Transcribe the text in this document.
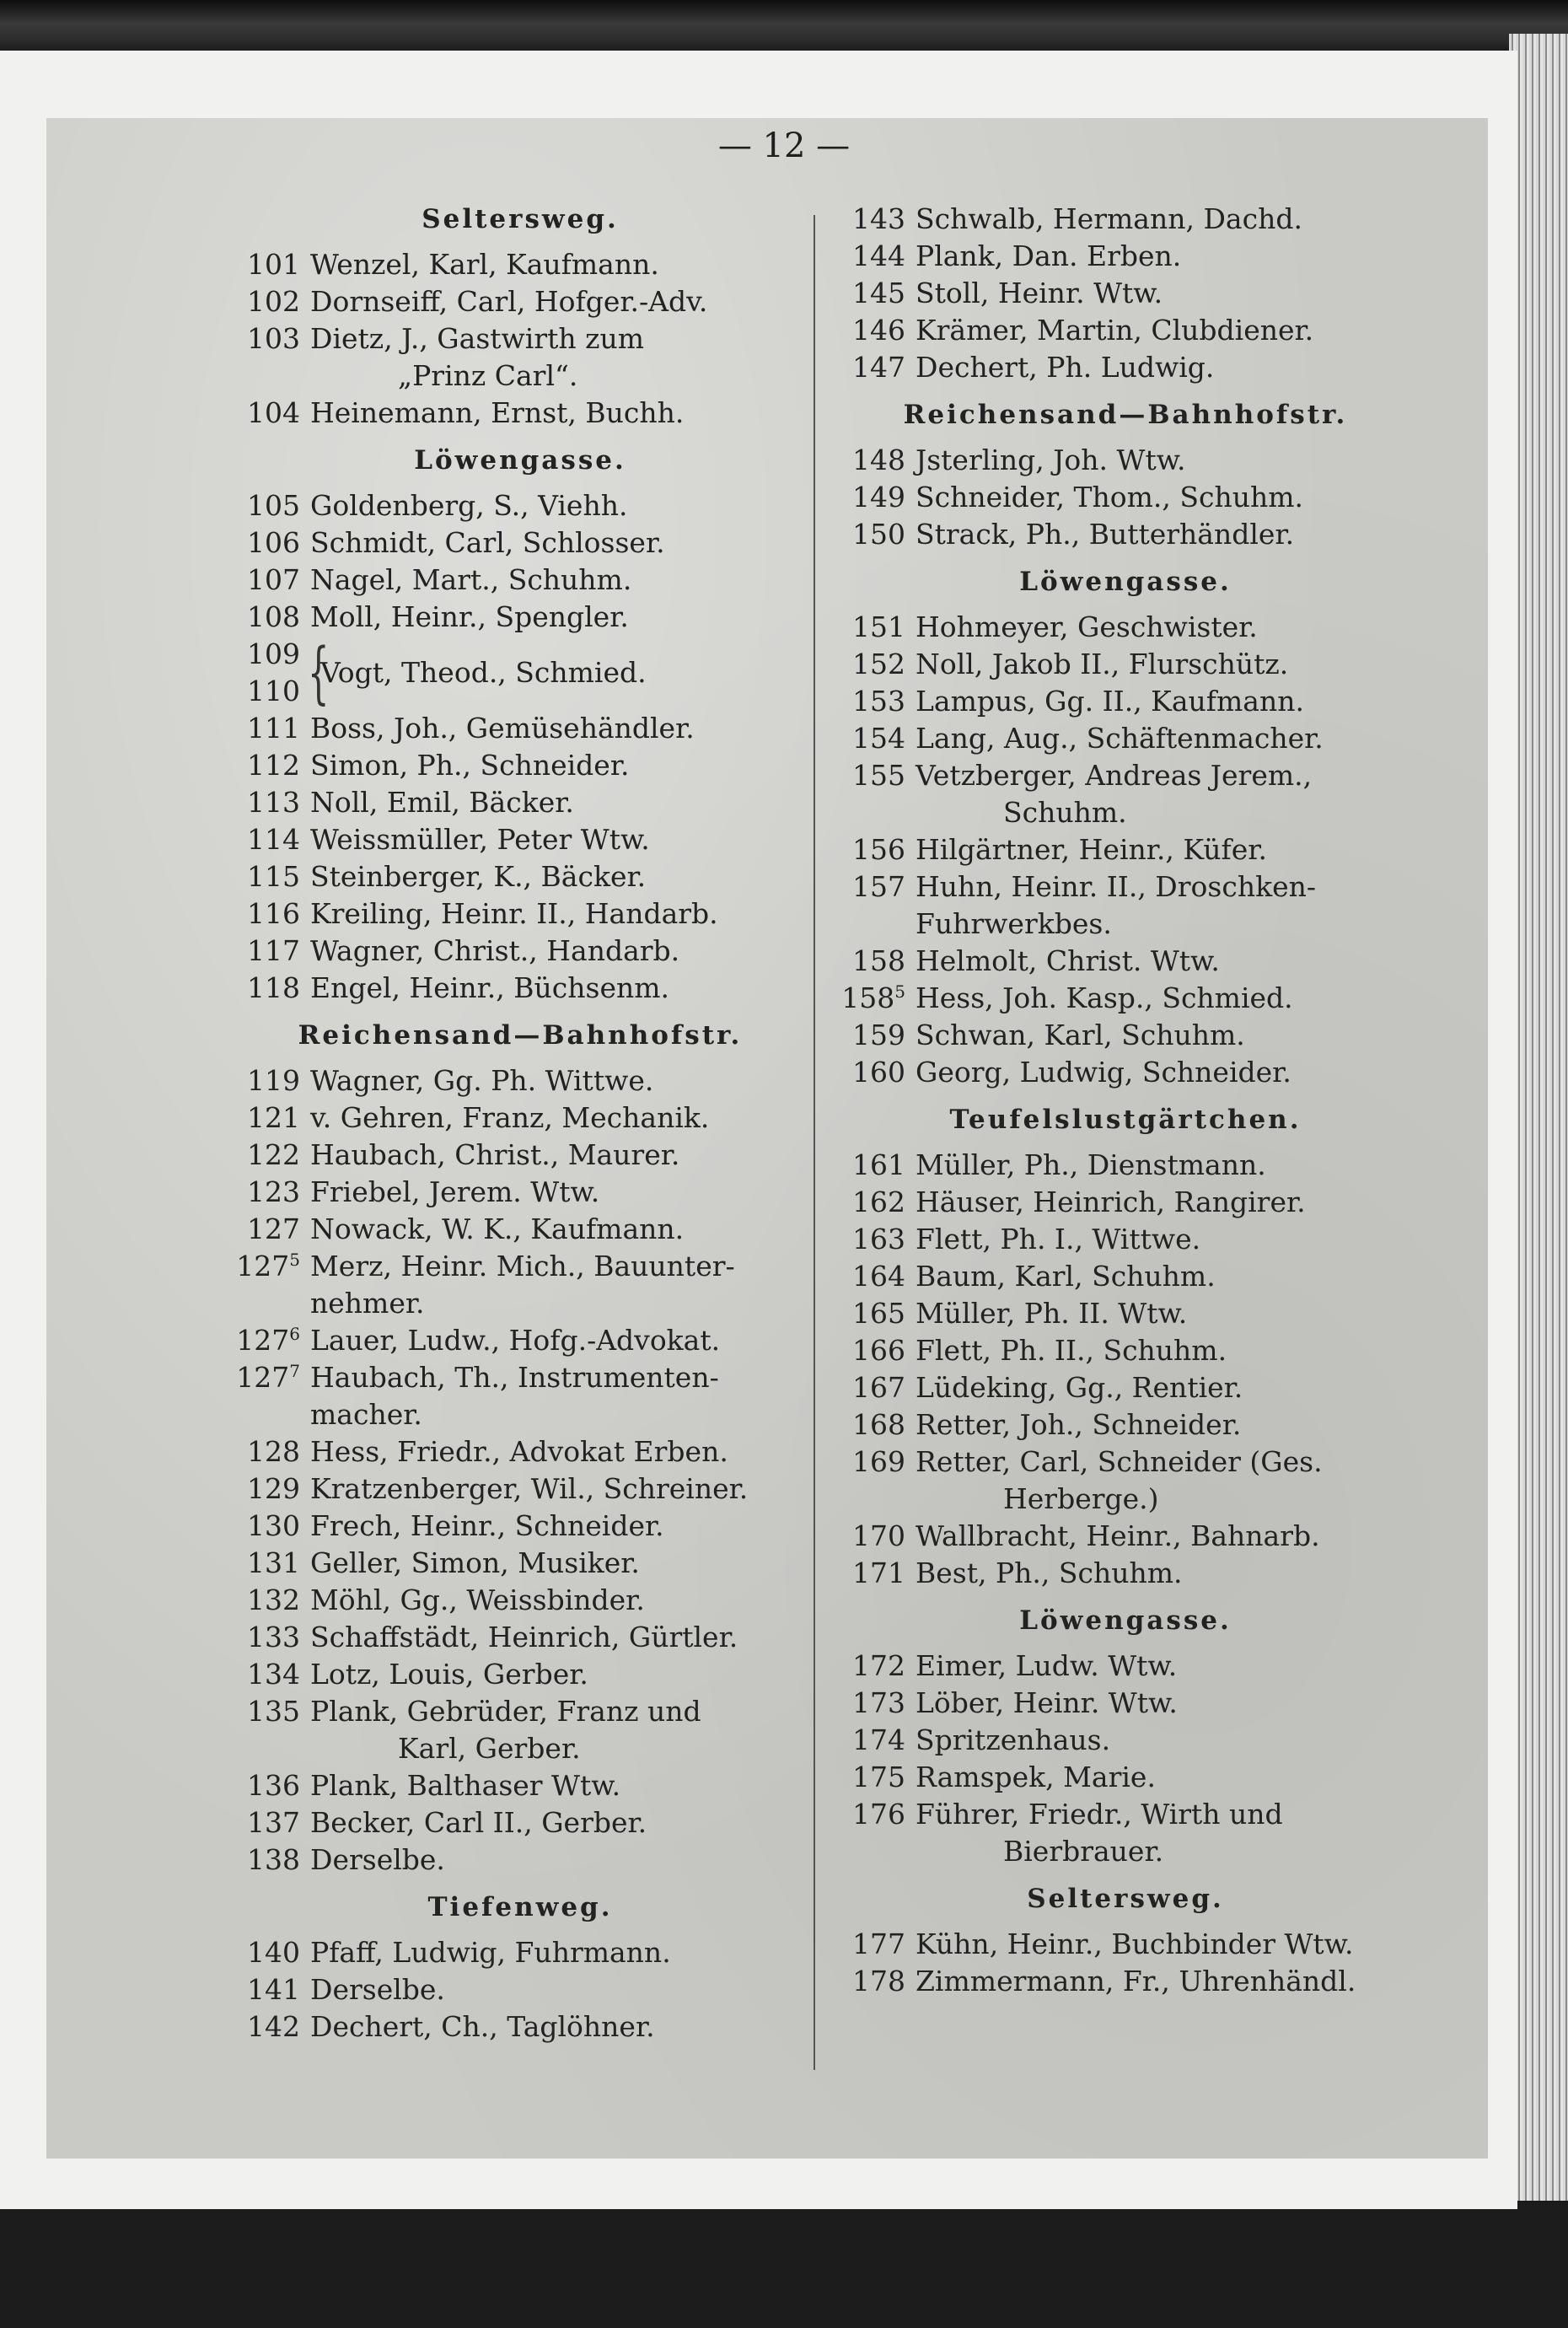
— 12 —
Seltersweg.
101 Wenzel, Karl, Kaufmann.
102 Dornseiff, Carl, Hofger.-Adv.
103 Dietz, J., Gastwirth zum
„Prinz Carl“.
104 Heinemann, Ernst, Buchh.
Löwengasse.
105 Goldenberg, S., Viehh.
106 Schmidt, Carl, Schlosser.
107 Nagel, Mart., Schuhm.
108 Moll, Heinr., Spengler.
109
110 {
Vogt, Theod., Schmied.
111 Boss, Joh., Gemüsehändler.
112 Simon, Ph., Schneider.
113 Noll, Emil, Bäcker.
114 Weissmüller, Peter Wtw.
115 Steinberger, K., Bäcker.
116 Kreiling, Heinr. II., Handarb.
117 Wagner, Christ., Handarb.
118 Engel, Heinr., Büchsenm.
Reichensand—Bahnhofstr.
119 Wagner, Gg. Ph. Wittwe.
121 v. Gehren, Franz, Mechanik.
122 Haubach, Christ., Maurer.
123 Friebel, Jerem. Wtw.
127 Nowack, W. K., Kaufmann.
$127^5$ Merz, Heinr. Mich., Bauunter-
nehmer.
$127^6$ Lauer, Ludw., Hofg.-Advokat.
$127^7$ Haubach, Th., Instrumenten-
macher.
128 Hess, Friedr., Advokat Erben.
129 Kratzenberger, Wil., Schreiner.
130 Frech, Heinr., Schneider.
131 Geller, Simon, Musiker.
132 Möhl, Gg., Weissbinder.
133 Schaffstädt, Heinrich, Gürtler.
134 Lotz, Louis, Gerber.
135 Plank, Gebrüder, Franz und
Karl, Gerber.
136 Plank, Balthaser Wtw.
137 Becker, Carl II., Gerber.
138 Derselbe.
Tiefenweg.
140 Pfaff, Ludwig, Fuhrmann.
141 Derselbe.
142 Dechert, Ch., Taglöhner.
143 Schwalb, Hermann, Dachd.
144 Plank, Dan. Erben.
145 Stoll, Heinr. Wtw.
146 Krämer, Martin, Clubdiener.
147 Dechert, Ph. Ludwig.
Reichensand—Bahnhofstr.
148 Jsterling, Joh. Wtw.
149 Schneider, Thom., Schuhm.
150 Strack, Ph., Butterhändler.
Löwengasse.
151 Hohmeyer, Geschwister.
152 Noll, Jakob II., Flurschütz.
153 Lampus, Gg. II., Kaufmann.
154 Lang, Aug., Schäftenmacher.
155 Vetzberger, Andreas Jerem.,
Schuhm.
156 Hilgärtner, Heinr., Küfer.
157 Huhn, Heinr. II., Droschken-
Fuhrwerkbes.
158 Helmolt, Christ. Wtw.
$158^5$ Hess, Joh. Kasp., Schmied.
159 Schwan, Karl, Schuhm.
160 Georg, Ludwig, Schneider.
Teufelslustgärtchen.
161 Müller, Ph., Dienstmann.
162 Häuser, Heinrich, Rangirer.
163 Flett, Ph. I., Wittwe.
164 Baum, Karl, Schuhm.
165 Müller, Ph. II. Wtw.
166 Flett, Ph. II., Schuhm.
167 Lüdeking, Gg., Rentier.
168 Retter, Joh., Schneider.
169 Retter, Carl, Schneider (Ges.
Herberge.)
170 Wallbracht, Heinr., Bahnarb.
171 Best, Ph., Schuhm.
Löwengasse.
172 Eimer, Ludw. Wtw.
173 Löber, Heinr. Wtw.
174 Spritzenhaus.
175 Ramspek, Marie.
176 Führer, Friedr., Wirth und
Bierbrauer.
Seltersweg.
177 Kühn, Heinr., Buchbinder Wtw.
178 Zimmermann, Fr., Uhrenhändl.
